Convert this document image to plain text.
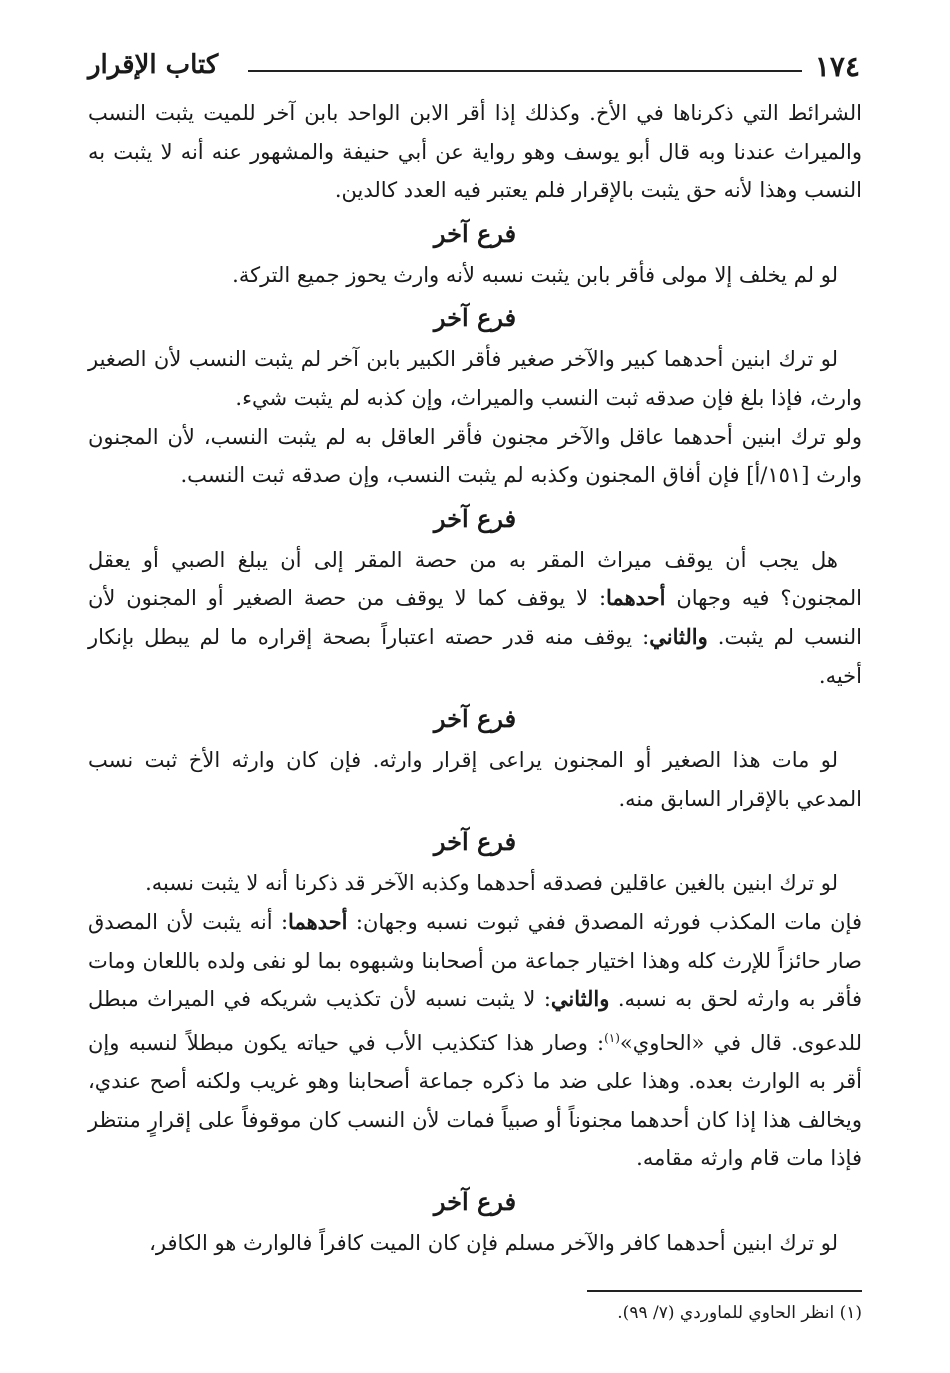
١٧٤
كتاب الإقرار

الشرائط التي ذكرناها في الأخ. وكذلك إذا أقر الابن الواحد بابن آخر للميت يثبت النسب والميراث عندنا وبه قال أبو يوسف وهو رواية عن أبي حنيفة والمشهور عنه أنه لا يثبت به النسب وهذا لأنه حق يثبت بالإقرار فلم يعتبر فيه العدد كالدين.

فرع آخر

لو لم يخلف إلا مولى فأقر بابن يثبت نسبه لأنه وارث يحوز جميع التركة.

فرع آخر

لو ترك ابنين أحدهما كبير والآخر صغير فأقر الكبير بابن آخر لم يثبت النسب لأن الصغير وارث، فإذا بلغ فإن صدقه ثبت النسب والميراث، وإن كذبه لم يثبت شيء.

ولو ترك ابنين أحدهما عاقل والآخر مجنون فأقر العاقل به لم يثبت النسب، لأن المجنون وارث [١٥١/أ] فإن أفاق المجنون وكذبه لم يثبت النسب، وإن صدقه ثبت النسب.

فرع آخر

هل يجب أن يوقف ميراث المقر به من حصة المقر إلى أن يبلغ الصبي أو يعقل المجنون؟ فيه وجهان أحدهما: لا يوقف كما لا يوقف من حصة الصغير أو المجنون لأن النسب لم يثبت. والثاني: يوقف منه قدر حصته اعتباراً بصحة إقراره ما لم يبطل بإنكار أخيه.

فرع آخر

لو مات هذا الصغير أو المجنون يراعى إقرار وارثه. فإن كان وارثه الأخ ثبت نسب المدعي بالإقرار السابق منه.

فرع آخر

لو ترك ابنين بالغين عاقلين فصدقه أحدهما وكذبه الآخر قد ذكرنا أنه لا يثبت نسبه.

فإن مات المكذب فورثه المصدق ففي ثبوت نسبه وجهان: أحدهما: أنه يثبت لأن المصدق صار حائزاً للإرث كله وهذا اختيار جماعة من أصحابنا وشبهوه بما لو نفى ولده باللعان ومات فأقر به وارثه لحق به نسبه. والثاني: لا يثبت نسبه لأن تكذيب شريكه في الميراث مبطل للدعوى. قال في «الحاوي»$^{(١)}$: وصار هذا كتكذيب الأب في حياته يكون مبطلاً لنسبه وإن أقر به الوارث بعده. وهذا على ضد ما ذكره جماعة أصحابنا وهو غريب ولكنه أصح عندي، ويخالف هذا إذا كان أحدهما مجنوناً أو صبياً فمات لأن النسب كان موقوفاً على إقرارٍ منتظر فإذا مات قام وارثه مقامه.

فرع آخر

لو ترك ابنين أحدهما كافر والآخر مسلم فإن كان الميت كافراً فالوارث هو الكافر،

(١) انظر الحاوي للماوردي (٧/ ٩٩).
